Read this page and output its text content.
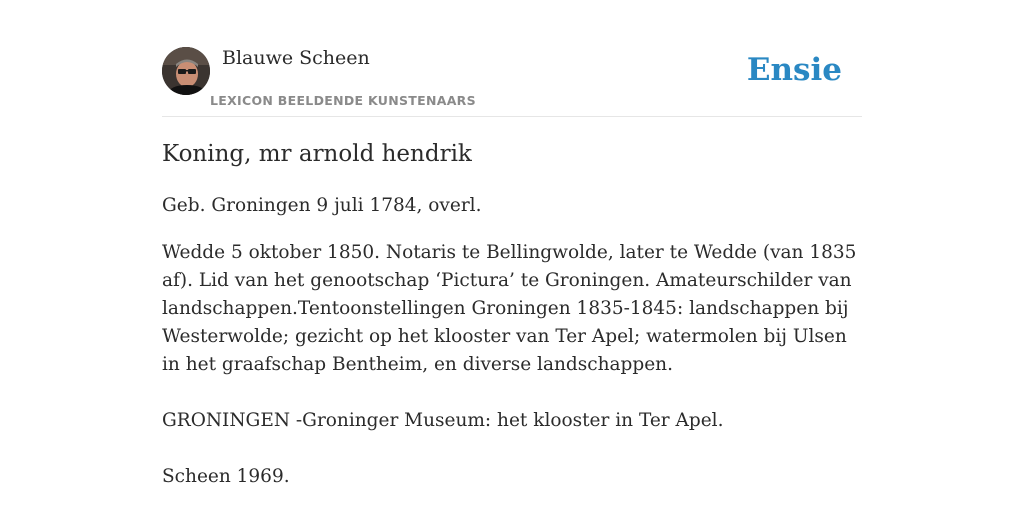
Blauwe Scheen
LEXICON BEELDENDE KUNSTENAARS
Ensie
Koning, mr arnold hendrik

Geb. Groningen 9 juli 1784, overl.

Wedde 5 oktober 1850. Notaris te Bellingwolde, later te Wedde (van 1835 af). Lid van het genootschap ‘Pictura’ te Groningen. Amateurschilder van landschappen.Tentoonstellingen Groningen 1835-1845: landschappen bij Westerwolde; gezicht op het klooster van Ter Apel; watermolen bij Ulsen in het graafschap Bentheim, en diverse landschappen.

GRONINGEN -Groninger Museum: het klooster in Ter Apel.

Scheen 1969.
